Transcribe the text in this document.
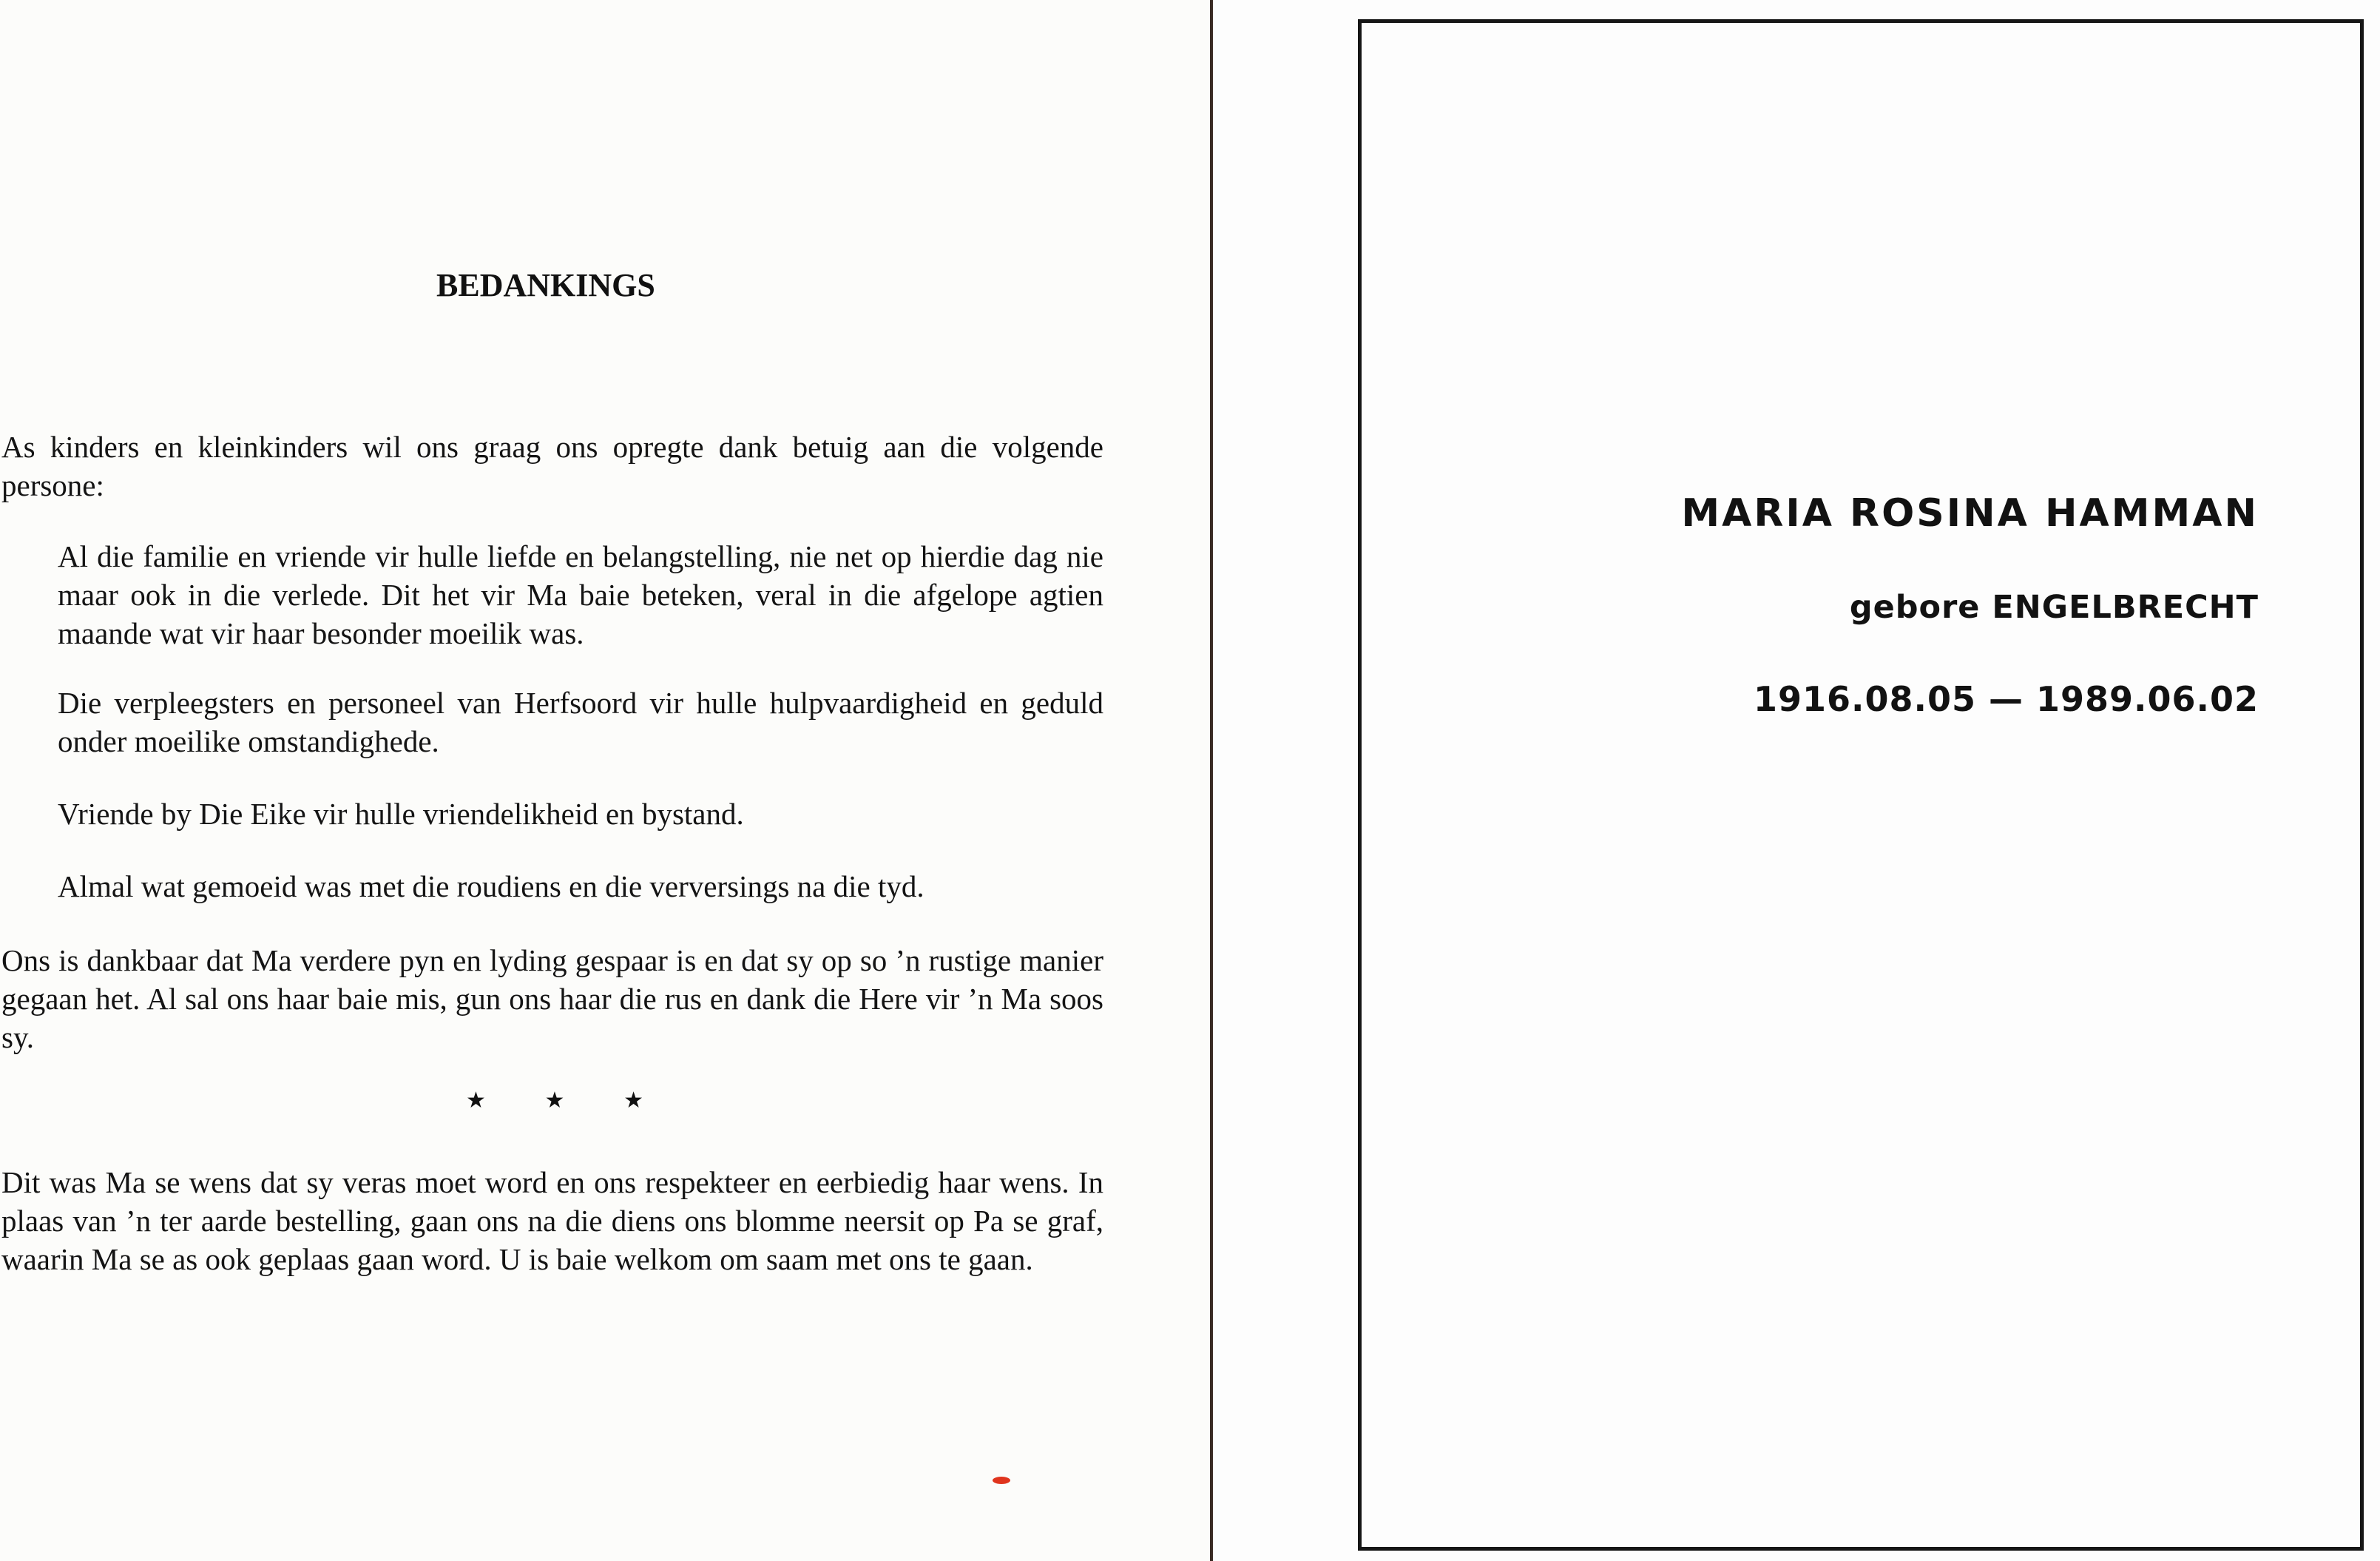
BEDANKINGS

As kinders en kleinkinders wil ons graag ons opregte dank betuig aan die volgende persone:

Al die familie en vriende vir hulle liefde en belangstelling, nie net op hierdie dag nie maar ook in die verlede. Dit het vir Ma baie beteken, veral in die afgelope agtien maande wat vir haar besonder moeilik was.

Die verpleegsters en personeel van Herfsoord vir hulle hulpvaardigheid en geduld onder moeilike omstandighede.

Vriende by Die Eike vir hulle vriendelikheid en bystand.

Almal wat gemoeid was met die roudiens en die verversings na die tyd.

Ons is dankbaar dat Ma verdere pyn en lyding gespaar is en dat sy op so ’n rustige manier gegaan het. Al sal ons haar baie mis, gun ons haar die rus en dank die Here vir ’n Ma soos sy.

★	★	★

Dit was Ma se wens dat sy veras moet word en ons respekteer en eerbiedig haar wens. In plaas van ’n ter aarde bestelling, gaan ons na die diens ons blomme neersit op Pa se graf, waarin Ma se as ook geplaas gaan word. U is baie welkom om saam met ons te gaan.

MARIA ROSINA HAMMAN
gebore ENGELBRECHT
1916.08.05 — 1989.06.02
